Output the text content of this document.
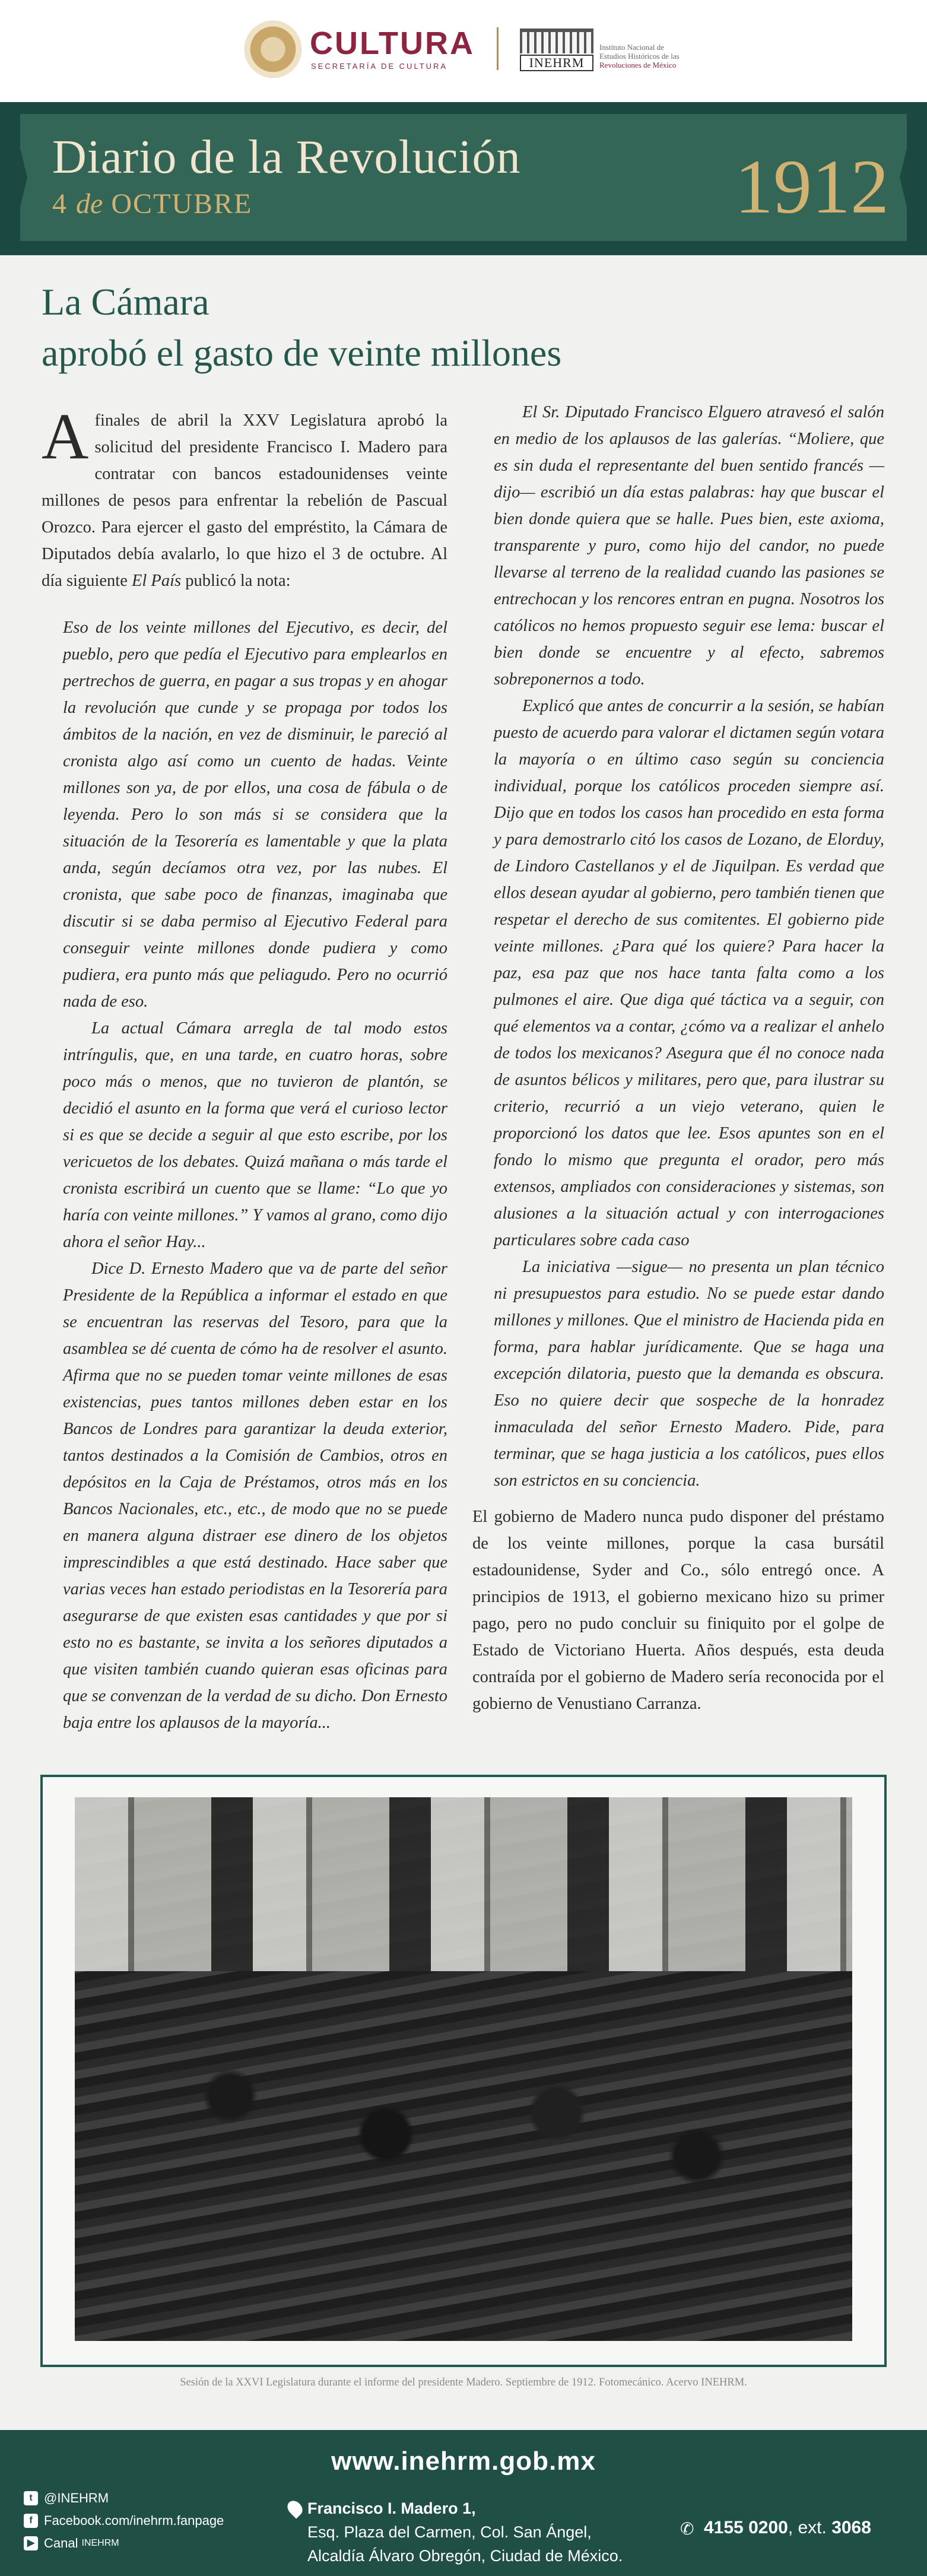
CULTURA
SECRETARÍA DE CULTURA	INEHRM
Instituto Nacional de
Estudios Históricos de las
Revoluciones de México
Diario de la Revolución
4 de OCTUBRE	1912
La Cámara
aprobó el gasto de veinte millones

A finales de abril la XXV Legislatura aprobó la solicitud del presidente Francisco I. Madero para contratar con bancos estadounidenses veinte millones de pesos para enfrentar la rebelión de Pascual Orozco. Para ejercer el gasto del empréstito, la Cámara de Diputados debía avalarlo, lo que hizo el 3 de octubre. Al día siguiente El País publicó la nota:

Eso de los veinte millones del Ejecutivo, es decir, del pueblo, pero que pedía el Ejecutivo para emplearlos en pertrechos de guerra, en pagar a sus tropas y en ahogar la revolución que cunde y se propaga por todos los ámbitos de la nación, en vez de disminuir, le pareció al cronista algo así como un cuento de hadas. Veinte millones son ya, de por ellos, una cosa de fábula o de leyenda. Pero lo son más si se considera que la situación de la Tesorería es lamentable y que la plata anda, según decíamos otra vez, por las nubes. El cronista, que sabe poco de finanzas, imaginaba que discutir si se daba permiso al Ejecutivo Federal para conseguir veinte millones donde pudiera y como pudiera, era punto más que peliagudo. Pero no ocurrió nada de eso.

La actual Cámara arregla de tal modo estos intríngulis, que, en una tarde, en cuatro horas, sobre poco más o menos, que no tuvieron de plantón, se decidió el asunto en la forma que verá el curioso lector si es que se decide a seguir al que esto escribe, por los vericuetos de los debates. Quizá mañana o más tarde el cronista escribirá un cuento que se llame: “Lo que yo haría con veinte millones.” Y vamos al grano, como dijo ahora el señor Hay...

Dice D. Ernesto Madero que va de parte del señor Presidente de la República a informar el estado en que se encuentran las reservas del Tesoro, para que la asamblea se dé cuenta de cómo ha de resolver el asunto. Afirma que no se pueden tomar veinte millones de esas existencias, pues tantos millones deben estar en los Bancos de Londres para garantizar la deuda exterior, tantos destinados a la Comisión de Cambios, otros en depósitos en la Caja de Préstamos, otros más en los Bancos Nacionales, etc., etc., de modo que no se puede en manera alguna distraer ese dinero de los objetos imprescindibles a que está destinado. Hace saber que varias veces han estado periodistas en la Tesorería para asegurarse de que existen esas cantidades y que por si esto no es bastante, se invita a los señores diputados a que visiten también cuando quieran esas oficinas para que se convenzan de la verdad de su dicho. Don Ernesto baja entre los aplausos de la mayoría...

El Sr. Diputado Francisco Elguero atravesó el salón en medio de los aplausos de las galerías. “Moliere, que es sin duda el representante del buen sentido francés —dijo— escribió un día estas palabras: hay que buscar el bien donde quiera que se halle. Pues bien, este axioma, transparente y puro, como hijo del candor, no puede llevarse al terreno de la realidad cuando las pasiones se entrechocan y los rencores entran en pugna. Nosotros los católicos no hemos propuesto seguir ese lema: buscar el bien donde se encuentre y al efecto, sabremos sobreponernos a todo.

Explicó que antes de concurrir a la sesión, se habían puesto de acuerdo para valorar el dictamen según votara la mayoría o en último caso según su conciencia individual, porque los católicos proceden siempre así. Dijo que en todos los casos han procedido en esta forma y para demostrarlo citó los casos de Lozano, de Elorduy, de Lindoro Castellanos y el de Jiquilpan. Es verdad que ellos desean ayudar al gobierno, pero también tienen que respetar el derecho de sus comitentes. El gobierno pide veinte millones. ¿Para qué los quiere? Para hacer la paz, esa paz que nos hace tanta falta como a los pulmones el aire. Que diga qué táctica va a seguir, con qué elementos va a contar, ¿cómo va a realizar el anhelo de todos los mexicanos? Asegura que él no conoce nada de asuntos bélicos y militares, pero que, para ilustrar su criterio, recurrió a un viejo veterano, quien le proporcionó los datos que lee. Esos apuntes son en el fondo lo mismo que pregunta el orador, pero más extensos, ampliados con consideraciones y sistemas, son alusiones a la situación actual y con interrogaciones particulares sobre cada caso

La iniciativa —sigue— no presenta un plan técnico ni presupuestos para estudio. No se puede estar dando millones y millones. Que el ministro de Hacienda pida en forma, para hablar jurídicamente. Que se haga una excepción dilatoria, puesto que la demanda es obscura. Eso no quiere decir que sospeche de la honradez inmaculada del señor Ernesto Madero. Pide, para terminar, que se haga justicia a los católicos, pues ellos son estrictos en su conciencia.

El gobierno de Madero nunca pudo disponer del préstamo de los veinte millones, porque la casa bursátil estadounidense, Syder and Co., sólo entregó once. A principios de 1913, el gobierno mexicano hizo su primer pago, pero no pudo concluir su finiquito por el golpe de Estado de Victoriano Huerta. Años después, esta deuda contraída por el gobierno de Madero sería reconocida por el gobierno de Venustiano Carranza.

Sesión de la XXVI Legislatura durante el informe del presidente Madero. Septiembre de 1912. Fotomecánico. Acervo INEHRM.
www.inehrm.gob.mx
t @INEHRM
f Facebook.com/inehrm.fanpage
▶ Canal INEHRM
Francisco I. Madero 1,
Esq. Plaza del Carmen, Col. San Ángel,
Alcaldía Álvaro Obregón, Ciudad de México.
✆ 4155 0200, ext. 3068
